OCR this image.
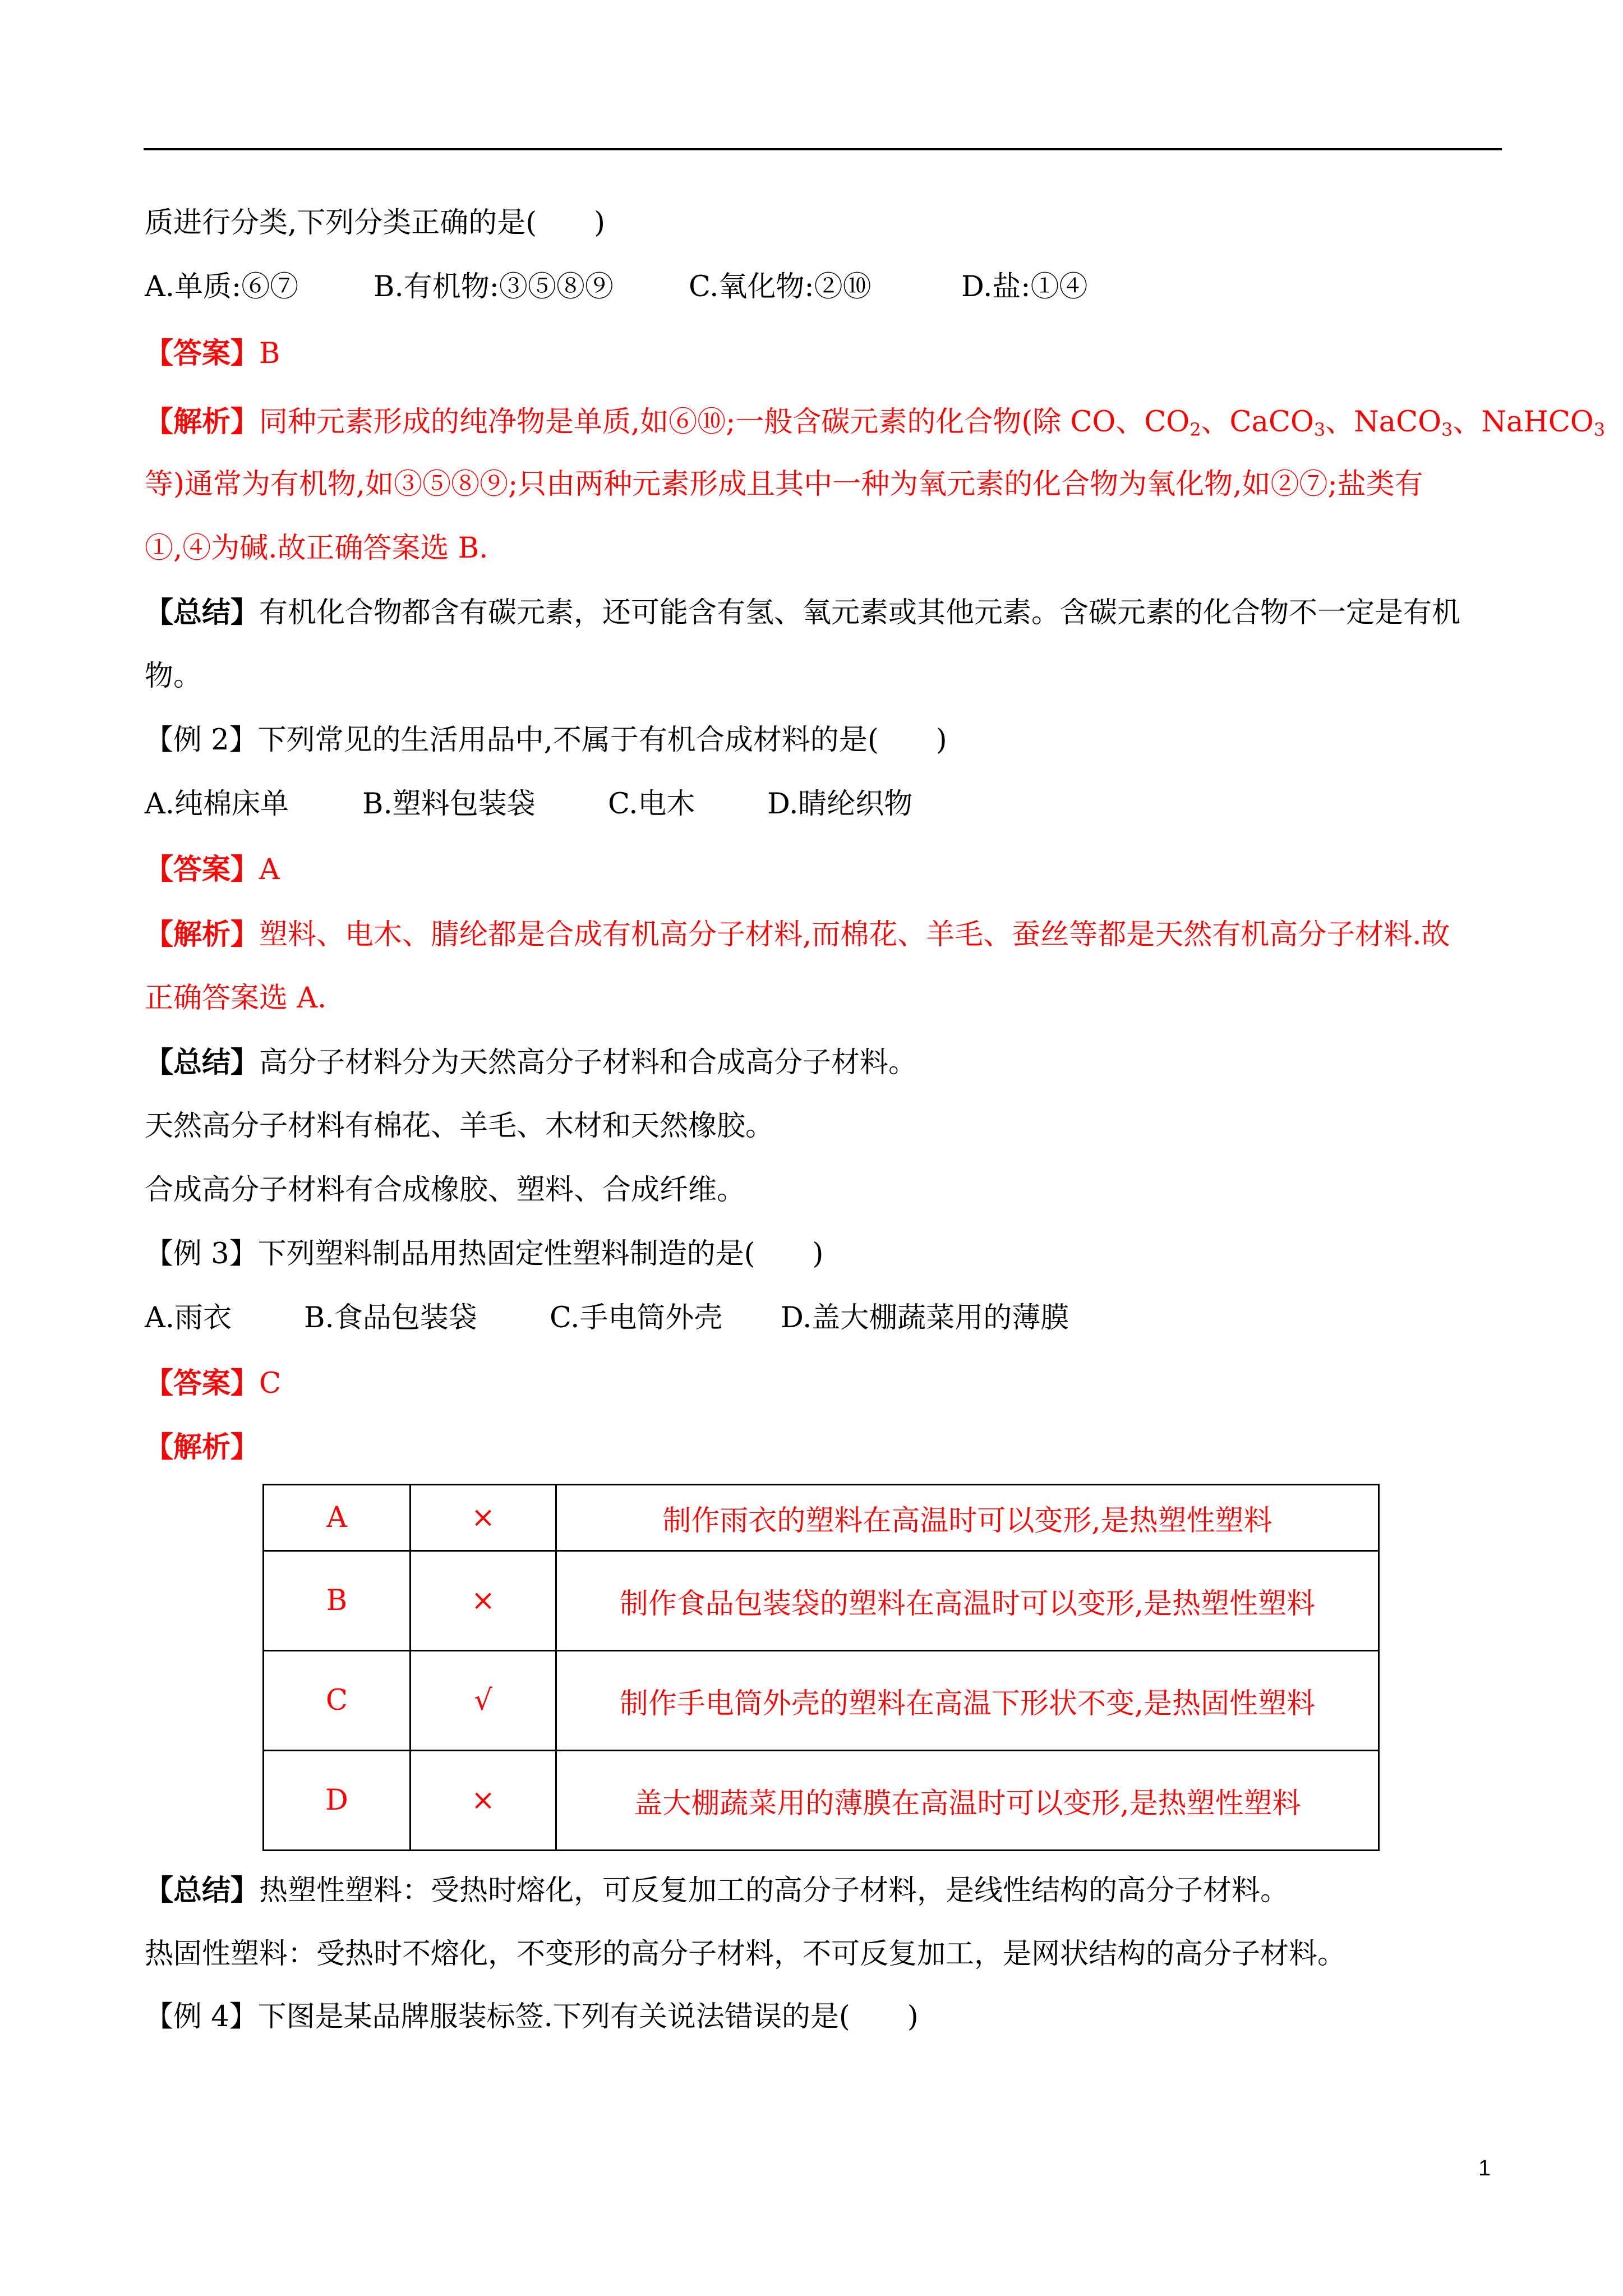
质进行分类,下列分类正确的是(　　)
A.单质:⑥⑦	B.有机物:③⑤⑧⑨	C.氧化物:②⑩	D.盐:①④
【答案】B
【解析】同种元素形成的纯净物是单质,如⑥⑩;一般含碳元素的化合物(除 CO、$CO_2$、CaCO$_3$、NaCO$_3$、NaHCO$_3$
等)通常为有机物,如③⑤⑧⑨;只由两种元素形成且其中一种为氧元素的化合物为氧化物,如②⑦;盐类有
①,④为碱.故正确答案选 B.
【总结】有机化合物都含有碳元素，还可能含有氢、氧元素或其他元素。含碳元素的化合物不一定是有机
物。
【例 2】下列常见的生活用品中,不属于有机合成材料的是(　　)
A.纯棉床单	B.塑料包装袋	C.电木	D.睛纶织物
【答案】A
【解析】塑料、电木、腈纶都是合成有机高分子材料,而棉花、羊毛、蚕丝等都是天然有机高分子材料.故
正确答案选 A.
【总结】高分子材料分为天然高分子材料和合成高分子材料。
天然高分子材料有棉花、羊毛、木材和天然橡胶。
合成高分子材料有合成橡胶、塑料、合成纤维。
【例 3】下列塑料制品用热固定性塑料制造的是(　　)
A.雨衣	B.食品包装袋	C.手电筒外壳 D.盖大棚蔬菜用的薄膜
【答案】C
【解析】
A	×	制作雨衣的塑料在高温时可以变形,是热塑性塑料
B	×	制作食品包装袋的塑料在高温时可以变形,是热塑性塑料
C	√	制作手电筒外壳的塑料在高温下形状不变,是热固性塑料
D	×	盖大棚蔬菜用的薄膜在高温时可以变形,是热塑性塑料
【总结】热塑性塑料：受热时熔化，可反复加工的高分子材料，是线性结构的高分子材料。
热固性塑料：受热时不熔化，不变形的高分子材料，不可反复加工，是网状结构的高分子材料。
【例 4】下图是某品牌服装标签.下列有关说法错误的是(　　)
1
